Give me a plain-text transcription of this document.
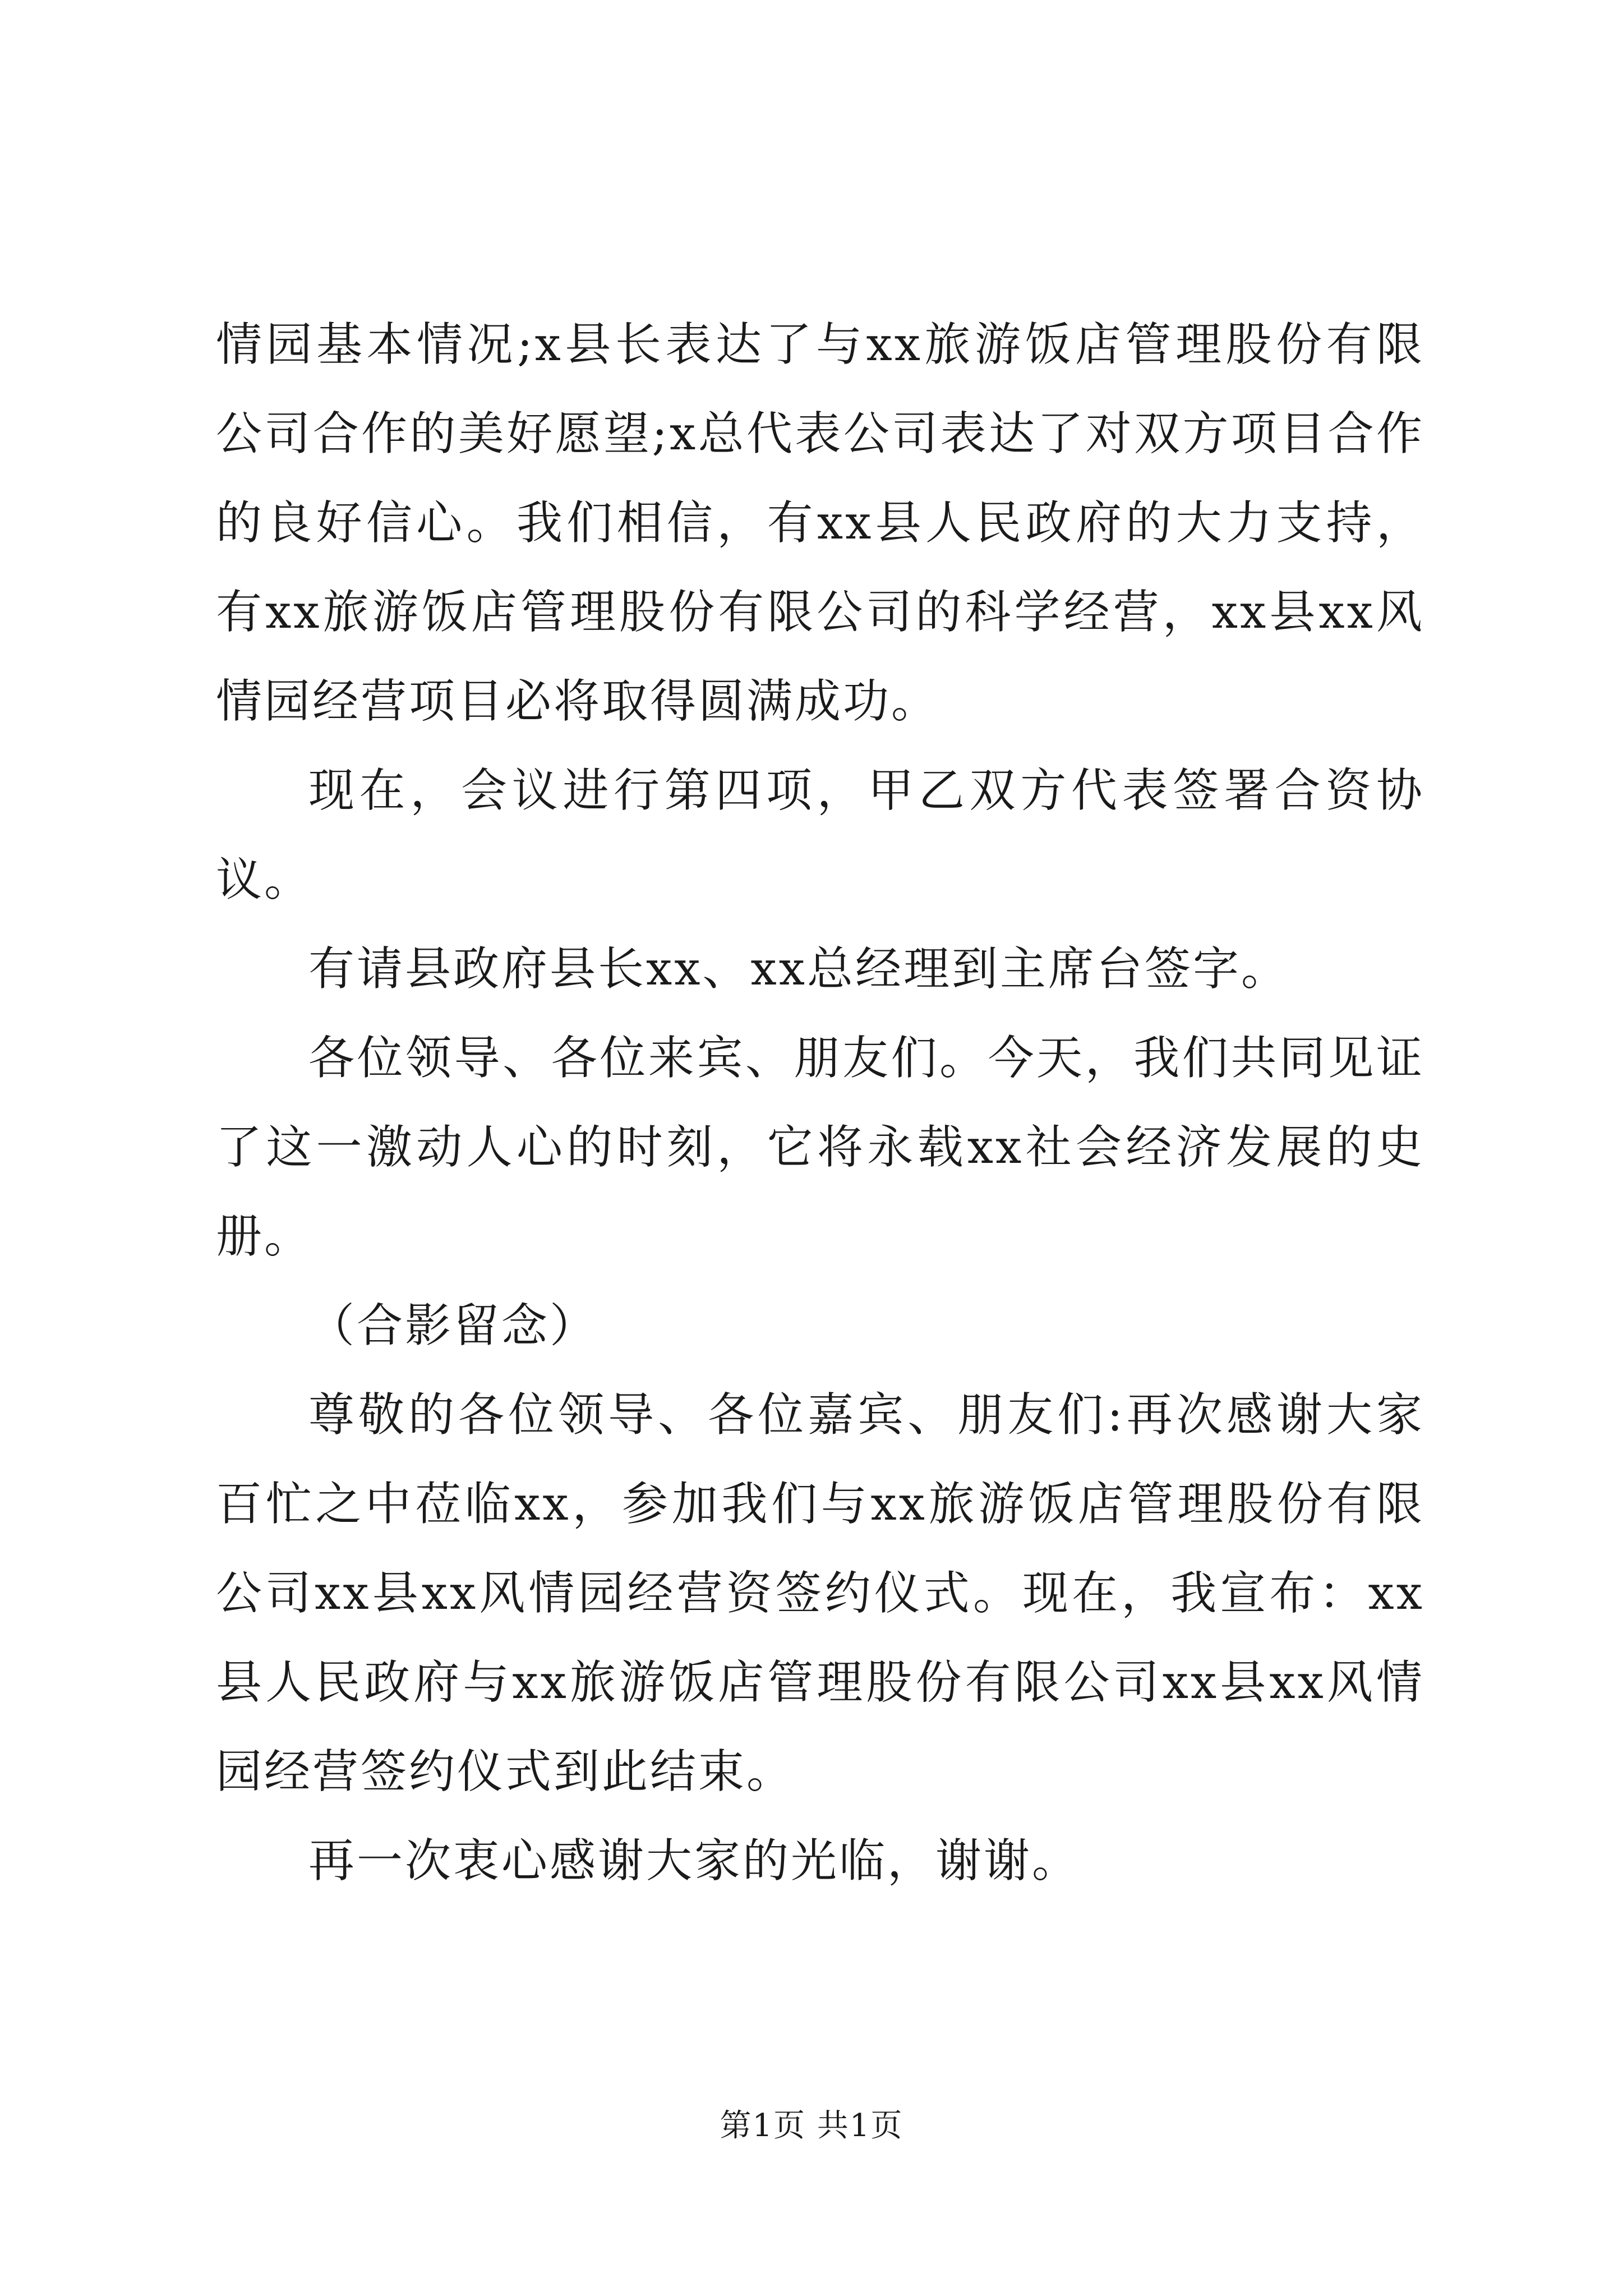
情园基本情况;x县长表达了与xx旅游饭店管理股份有限公司合作的美好愿望;x总代表公司表达了对双方项目合作的良好信心。我们相信，有xx县人民政府的大力支持，有xx旅游饭店管理股份有限公司的科学经营，xx县xx风情园经营项目必将取得圆满成功。

现在，会议进行第四项，甲乙双方代表签署合资协议。

有请县政府县长xx、xx总经理到主席台签字。

各位领导、各位来宾、朋友们。今天，我们共同见证了这一激动人心的时刻，它将永载xx社会经济发展的史册。

（合影留念）

尊敬的各位领导、各位嘉宾、朋友们:再次感谢大家百忙之中莅临xx，参加我们与xx旅游饭店管理股份有限公司xx县xx风情园经营资签约仪式。现在，我宣布：xx县人民政府与xx旅游饭店管理股份有限公司xx县xx风情园经营签约仪式到此结束。

再一次衷心感谢大家的光临，谢谢。

第1页 共1页
